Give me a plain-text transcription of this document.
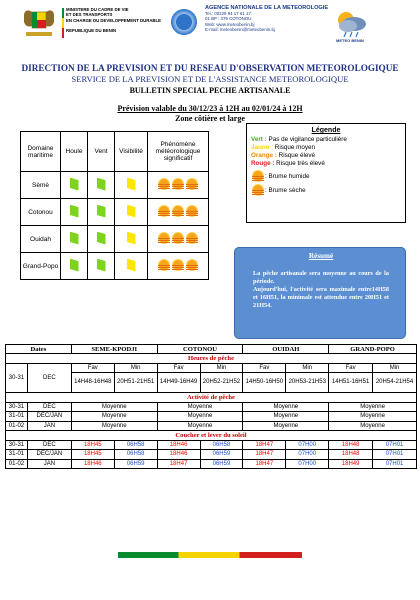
MINISTERE DU CADRE DE VIE
ET DES TRANSPORTS
EN CHARGE DU DEVELOPPEMENT DURABLE

REPUBLIQUE DU BENIN
AGENCE NATIONALE DE LA METEOROLOGIE
Tel.: 00229 94 17 61 17
01 BP : 379 COTONOU
Web: www.meteobenin.bj
E-mail: meteobenin@meteobenin.bj
METEO BENIN
DIRECTION DE LA PREVISION ET DU RESEAU D'OBSERVATION METEOROLOGIQUE
SERVICE DE LA PREVISION ET DE L'ASSISTANCE METEOROLOGIQUE
BULLETIN SPECIAL PECHE ARTISANALE
Prévision valable du 30/12/23 à 12H au 02/01/24 à 12H
Zone côtière et large
Domaine maritime	Houle	Vent	Visibilité	Phénomène météorologique significatif
Sèmè				
Cotonou				
Ouidah				
Grand-Popo				
Légende
Vert : Pas de vigilance particulière
Jaune : Risque moyen
Orange : Risque élevé
Rouge : Risque très élevé
: Brume humide
: Brume sèche
Résumé

La pêche artisanale sera moyenne au cours de la période.

Aujourd'hui, l'activité sera maximale entre14H58 et 16H51, la minimale est attendue entre 20H51 et 21H54.

Dates		SEME-KPODJI		COTONOU		OUIDAH		GRAND-POPO	
Heures de pêche									
30-31	DEC	Fav	Min	Fav	Min	Fav	Min	Fav	Min
		14H48-16H48	20H51-21H51	14H49-16H49	20H52-21H52	14H50-16H50	20H53-21H53	14H51-16H51	20H54-21H54
Activité de pêche									
30-31	DEC	Moyenne		Moyenne		Moyenne		Moyenne	
31-01	DEC/JAN	Moyenne		Moyenne		Moyenne		Moyenne	
01-02	JAN	Moyenne		Moyenne		Moyenne		Moyenne	
Coucher et lever du soleil									
30-31	DEC	18H45	06H58	18H46	06H58	18H47	07H00	18H48	07H01
31-01	DEC/JAN	18H45	06H58	18H46	06H59	18H47	07H00	18H48	07H01
01-02	JAN	18H46	06H59	18H47	06H59	18H47	07H00	18H49	07H01
